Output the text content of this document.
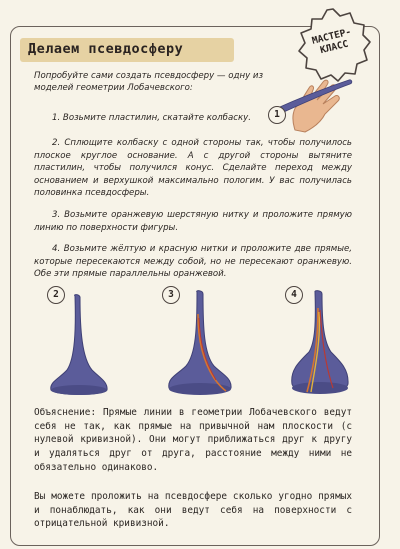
Делаем псевдосферу
МАСТЕР-КЛАСС
Попробуйте сами создать псевдосферу — одну из моделей геометрии Лобачевского:
1
1. Возьмите пластилин, скатайте колбаску.
2. Сплющите колбаску с одной стороны так, чтобы получилось плоское круглое основание. А с другой стороны вытяните пластилин, чтобы получился конус. Сделайте переход между основанием и верхушкой максимально пологим. У вас получилась половинка псевдосферы.
3. Возьмите оранжевую шерстяную нитку и проложите прямую линию по поверхности фигуры.
4. Возьмите жёлтую и красную нитки и проложите две прямые, которые пересекаются между собой, но не пересекают оранжевую. Обе эти прямые параллельны оранжевой.
2	3	4
Объяснение: Прямые линии в геометрии Лобачевского ведут себя не так, как прямые на привычной нам плоскости (с нулевой кривизной). Они могут приближаться друг к другу и удаляться друг от друга, расстояние между ними не обязательно одинаково.
Вы можете проложить на псевдосфере сколько угодно прямых и понаблюдать, как они ведут себя на поверхности с отрицательной кривизной.
